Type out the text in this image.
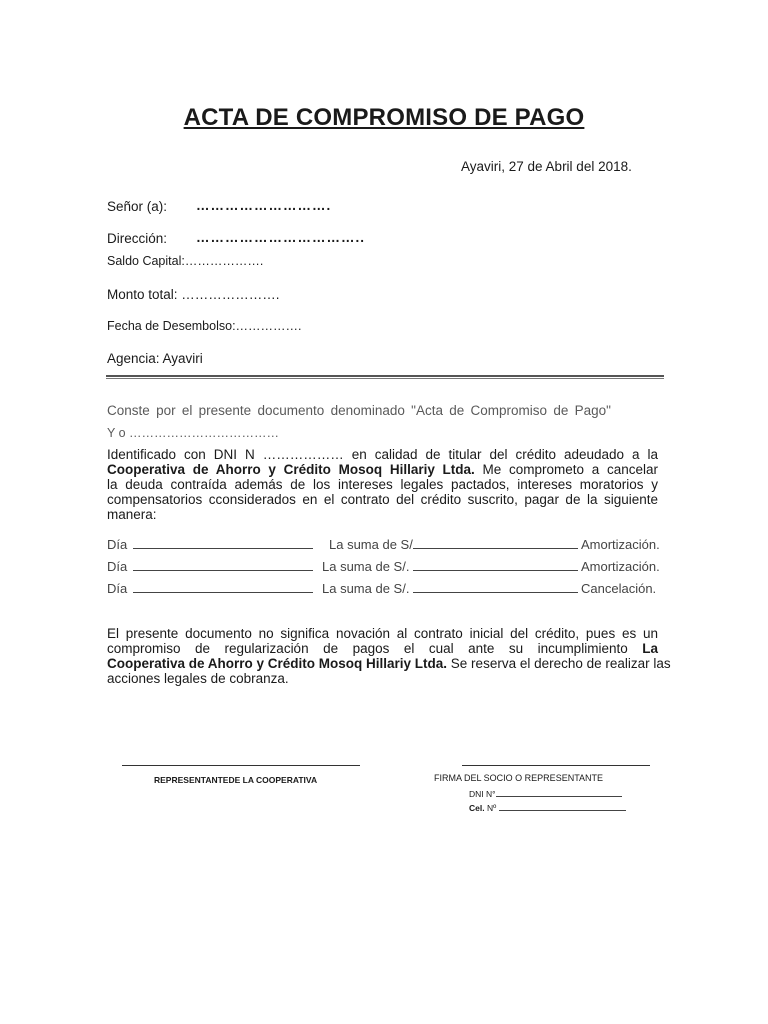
ACTA DE COMPROMISO DE PAGO
Ayaviri, 27 de Abril del 2018.
Señor (a): ……………………….
Dirección: ……………………………..
Saldo Capital:……………….
Monto total: ………………….
Fecha de Desembolso:…………….
Agencia: Ayaviri
Conste por el presente documento denominado "Acta de Compromiso de Pago"
Y o ………………………………
Identificado con DNI N ……………… en calidad de titular del crédito adeudado a la
Cooperativa de Ahorro y Crédito Mosoq Hillariy Ltda. Me comprometo a cancelar
la deuda contraída además de los intereses legales pactados, intereses moratorios y
compensatorios cconsiderados en el contrato del crédito suscrito, pagar de la siguiente
manera:
Día	La suma de S/	Amortización.
Día	La suma de S/.	Amortización.
Día	La suma de S/.	Cancelación.
El presente documento no significa novación al contrato inicial del crédito, pues es un
compromiso de regularización de pagos el cual ante su incumplimiento La
Cooperativa de Ahorro y Crédito Mosoq Hillariy Ltda. Se reserva el derecho de realizar las
acciones legales de cobranza.
REPRESENTANTEDE LA COOPERATIVA	FIRMA DEL SOCIO O REPRESENTANTE
DNI N°
Cel. Nº
